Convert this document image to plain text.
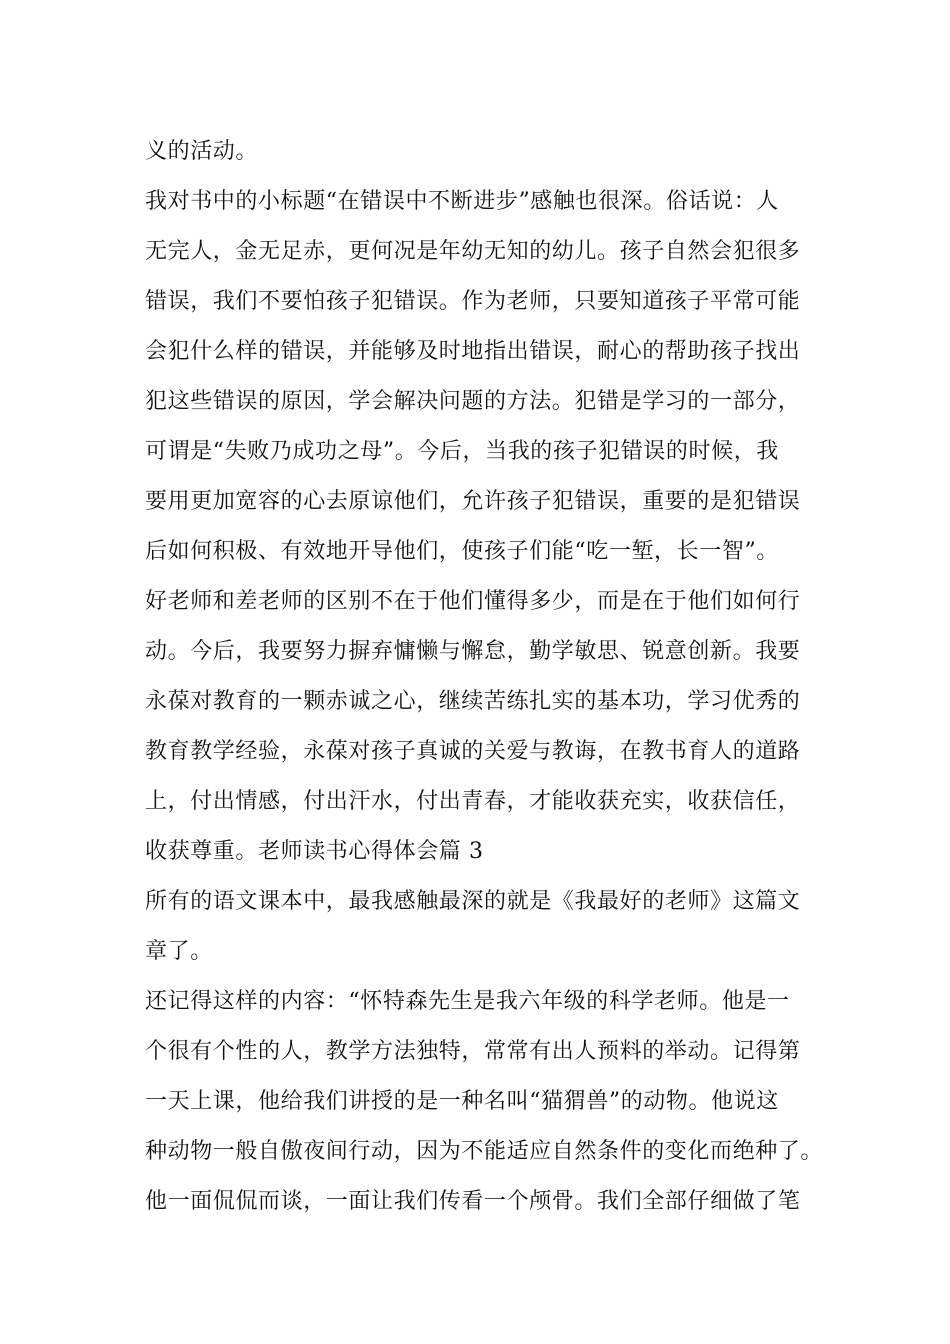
义的活动。
我对书中的小标题“在错误中不断进步”感触也很深。俗话说：人
无完人，金无足赤，更何况是年幼无知的幼儿。孩子自然会犯很多
错误，我们不要怕孩子犯错误。作为老师，只要知道孩子平常可能
会犯什么样的错误，并能够及时地指出错误，耐心的帮助孩子找出
犯这些错误的原因，学会解决问题的方法。犯错是学习的一部分，
可谓是“失败乃成功之母”。今后，当我的孩子犯错误的时候，我
要用更加宽容的心去原谅他们，允许孩子犯错误，重要的是犯错误
后如何积极、有效地开导他们，使孩子们能“吃一堑，长一智”。
好老师和差老师的区别不在于他们懂得多少，而是在于他们如何行
动。今后，我要努力摒弃慵懒与懈怠，勤学敏思、锐意创新。我要
永葆对教育的一颗赤诚之心，继续苦练扎实的基本功，学习优秀的
教育教学经验，永葆对孩子真诚的关爱与教诲，在教书育人的道路
上，付出情感，付出汗水，付出青春，才能收获充实，收获信任，
收获尊重。老师读书心得体会篇 3
所有的语文课本中，最我感触最深的就是《我最好的老师》这篇文
章了。
还记得这样的内容：“怀特森先生是我六年级的科学老师。他是一
个很有个性的人，教学方法独特，常常有出人预料的举动。记得第
一天上课，他给我们讲授的是一种名叫“猫猬兽”的动物。他说这
种动物一般自傲夜间行动，因为不能适应自然条件的变化而绝种了。
他一面侃侃而谈，一面让我们传看一个颅骨。我们全部仔细做了笔
